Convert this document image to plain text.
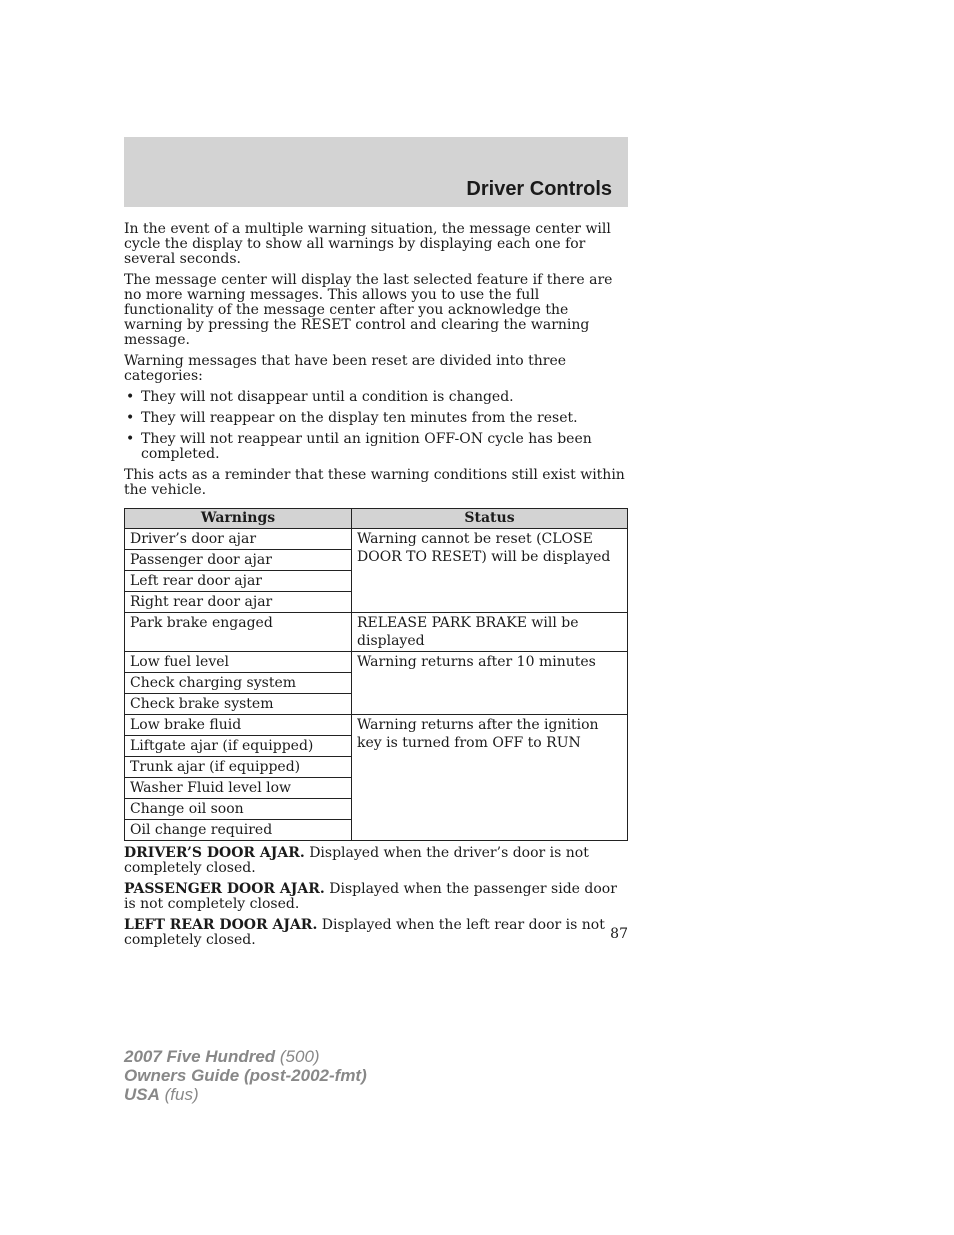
Driver Controls

In the event of a multiple warning situation, the message center will cycle the display to show all warnings by displaying each one for several seconds.

The message center will display the last selected feature if there are no more warning messages. This allows you to use the full functionality of the message center after you acknowledge the warning by pressing the RESET control and clearing the warning message.

Warning messages that have been reset are divided into three categories:

• They will not disappear until a condition is changed.
• They will reappear on the display ten minutes from the reset.
• They will not reappear until an ignition OFF-ON cycle has been completed.

This acts as a reminder that these warning conditions still exist within the vehicle.

Warnings	Status
Driver’s door ajar	Warning cannot be reset (CLOSE DOOR TO RESET) will be displayed
Passenger door ajar	
Left rear door ajar	
Right rear door ajar	
Park brake engaged	RELEASE PARK BRAKE will be displayed
Low fuel level	Warning returns after 10 minutes
Check charging system	
Check brake system	
Low brake fluid	Warning returns after the ignition key is turned from OFF to RUN
Liftgate ajar (if equipped)	
Trunk ajar (if equipped)	
Washer Fluid level low	
Change oil soon	
Oil change required	

DRIVER’S DOOR AJAR. Displayed when the driver’s door is not completely closed.

PASSENGER DOOR AJAR. Displayed when the passenger side door is not completely closed.

LEFT REAR DOOR AJAR. Displayed when the left rear door is not completely closed.	87
2007 Five Hundred (500)
Owners Guide (post-2002-fmt)
USA (fus)
